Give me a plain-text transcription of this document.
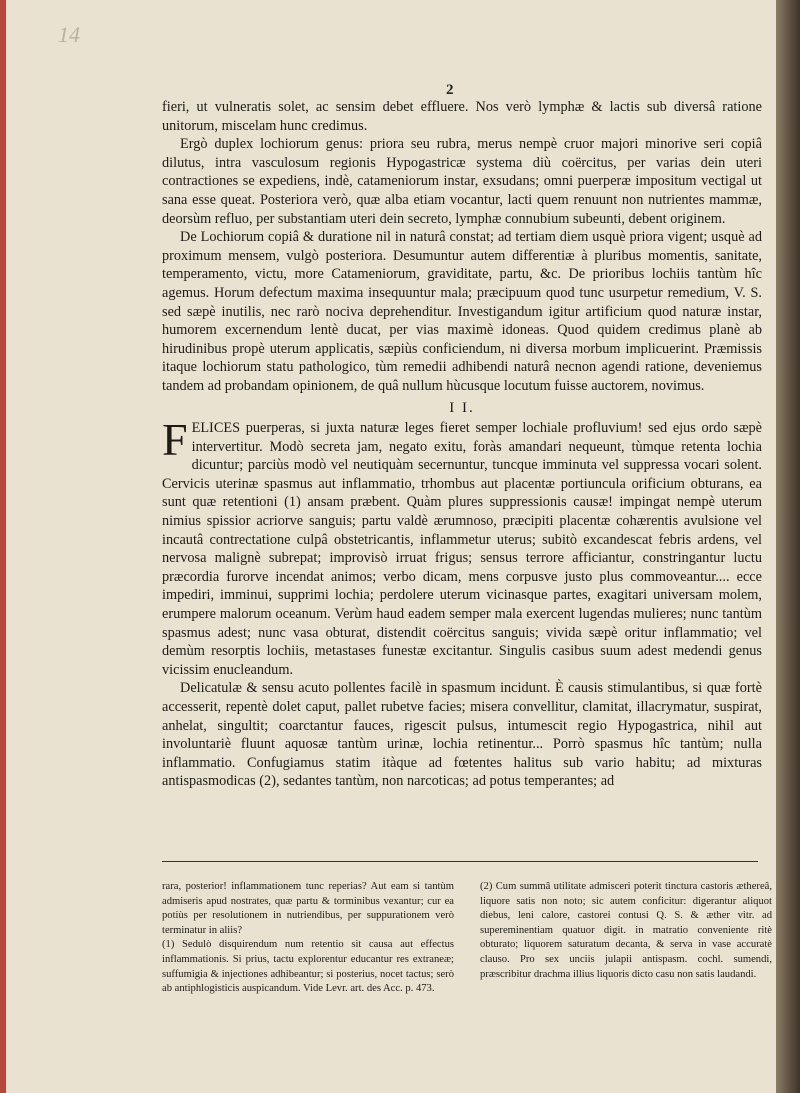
14
2

fieri, ut vulneratis solet, ac sensim debet effluere. Nos verò lymphæ & lactis sub diversâ ratione unitorum, miscelam hunc credimus.

Ergò duplex lochiorum genus: priora seu rubra, merus nempè cruor majori minorive seri copiâ dilutus, intra vasculosum regionis Hypogastricæ systema diù coërcitus, per varias dein uteri contractiones se expediens, indè, catameniorum instar, exsudans; omni puerperæ impositum vectigal ut sana esse queat. Posteriora verò, quæ alba etiam vocantur, lacti quem renuunt non nutrientes mammæ, deorsùm refluo, per substantiam uteri dein secreto, lymphæ connubium subeunti, debent originem.

De Lochiorum copiâ & duratione nil in naturâ constat; ad tertiam diem usquè priora vigent; usquè ad proximum mensem, vulgò posteriora. Desumuntur autem differentiæ à pluribus momentis, sanitate, temperamento, victu, more Catameniorum, graviditate, partu, &c. De prioribus lochiis tantùm hîc agemus. Horum defectum maxima insequuntur mala; præcipuum quod tunc usurpetur remedium, V. S. sed sæpè inutilis, nec rarò nociva deprehenditur. Investigandum igitur artificium quod naturæ instar, humorem excernendum lentè ducat, per vias maximè idoneas. Quod quidem credimus planè ab hirudinibus propè uterum applicatis, sæpiùs conficiendum, ni diversa morbum implicuerint. Præmissis itaque lochiorum statu pathologico, tùm remedii adhibendi naturâ necnon agendi ratione, deveniemus tandem ad probandam opinionem, de quâ nullum hùcusque locutum fuisse auctorem, novimus.

I I.

FELICES puerperas, si juxta naturæ leges fieret semper lochiale profluvium! sed ejus ordo sæpè intervertitur. Modò secreta jam, negato exitu, foràs amandari nequeunt, tùmque retenta lochia dicuntur; parciùs modò vel neutiquàm secernuntur, tuncque imminuta vel suppressa vocari solent. Cervicis uterinæ spasmus aut inflammatio, trhombus aut placentæ portiuncula orificium obturans, ea sunt quæ retentioni (1) ansam præbent. Quàm plures suppressionis causæ! impingat nempè uterum nimius spissior acriorve sanguis; partu valdè ærumnoso, præcipiti placentæ cohærentis avulsione vel incautâ contrectatione culpâ obstetricantis, inflammetur uterus; subitò excandescat febris ardens, vel nervosa malignè subrepat; improvisò irruat frigus; sensus terrore afficiantur, constringantur luctu præcordia furorve incendat animos; verbo dicam, mens corpusve justo plus commoveantur.... ecce impediri, imminui, supprimi lochia; perdolere uterum vicinasque partes, exagitari universam molem, erumpere malorum oceanum. Verùm haud eadem semper mala exercent lugendas mulieres; nunc tantùm spasmus adest; nunc vasa obturat, distendit coërcitus sanguis; vivida sæpè oritur inflammatio; vel demùm resorptis lochiis, metastases funestæ excitantur. Singulis casibus suum adest medendi genus vicissim enucleandum.

Delicatulæ & sensu acuto pollentes facilè in spasmum incidunt. È causis stimulantibus, si quæ fortè accesserit, repentè dolet caput, pallet rubetve facies; misera convellitur, clamitat, illacrymatur, suspirat, anhelat, singultit; coarctantur fauces, rigescit pulsus, intumescit regio Hypogastrica, nihil aut involuntariè fluunt aquosæ tantùm urinæ, lochia retinentur... Porrò spasmus hîc tantùm; nulla inflammatio. Confugiamus statim itàque ad fœtentes halitus sub vario habitu; ad mixturas antispasmodicas (2), sedantes tantùm, non narcoticas; ad potus temperantes; ad

rara, posterior! inflammationem tunc reperias? Aut eam si tantùm admiseris apud nostrates, quæ partu & torminibus vexantur; cur ea potiùs per resolutionem in nutriendibus, per suppurationem verò terminatur in aliis?

(1) Sedulò disquirendum num retentio sit causa aut effectus inflammationis. Si prius, tactu explorentur educantur res extraneæ; suffumigia & injectiones adhibeantur; si posterius, nocet tactus; serò ab antiphlogisticis auspicandum. Vide Levr. art. des Acc. p. 473.

(2) Cum summâ utilitate admisceri poterit tinctura castoris æthereâ, liquore satis non noto; sic autem conficitur: digerantur aliquot diebus, leni calore, castorei contusi Q. S. & æther vitr. ad supereminentiam quatuor digit. in matratio conveniente ritè obturato; liquorem saturatum decanta, & serva in vase accuratè clauso. Pro sex unciis julapii antispasm. cochl. sumendi, præscribitur drachma illius liquoris dicto casu non satis laudandi.
